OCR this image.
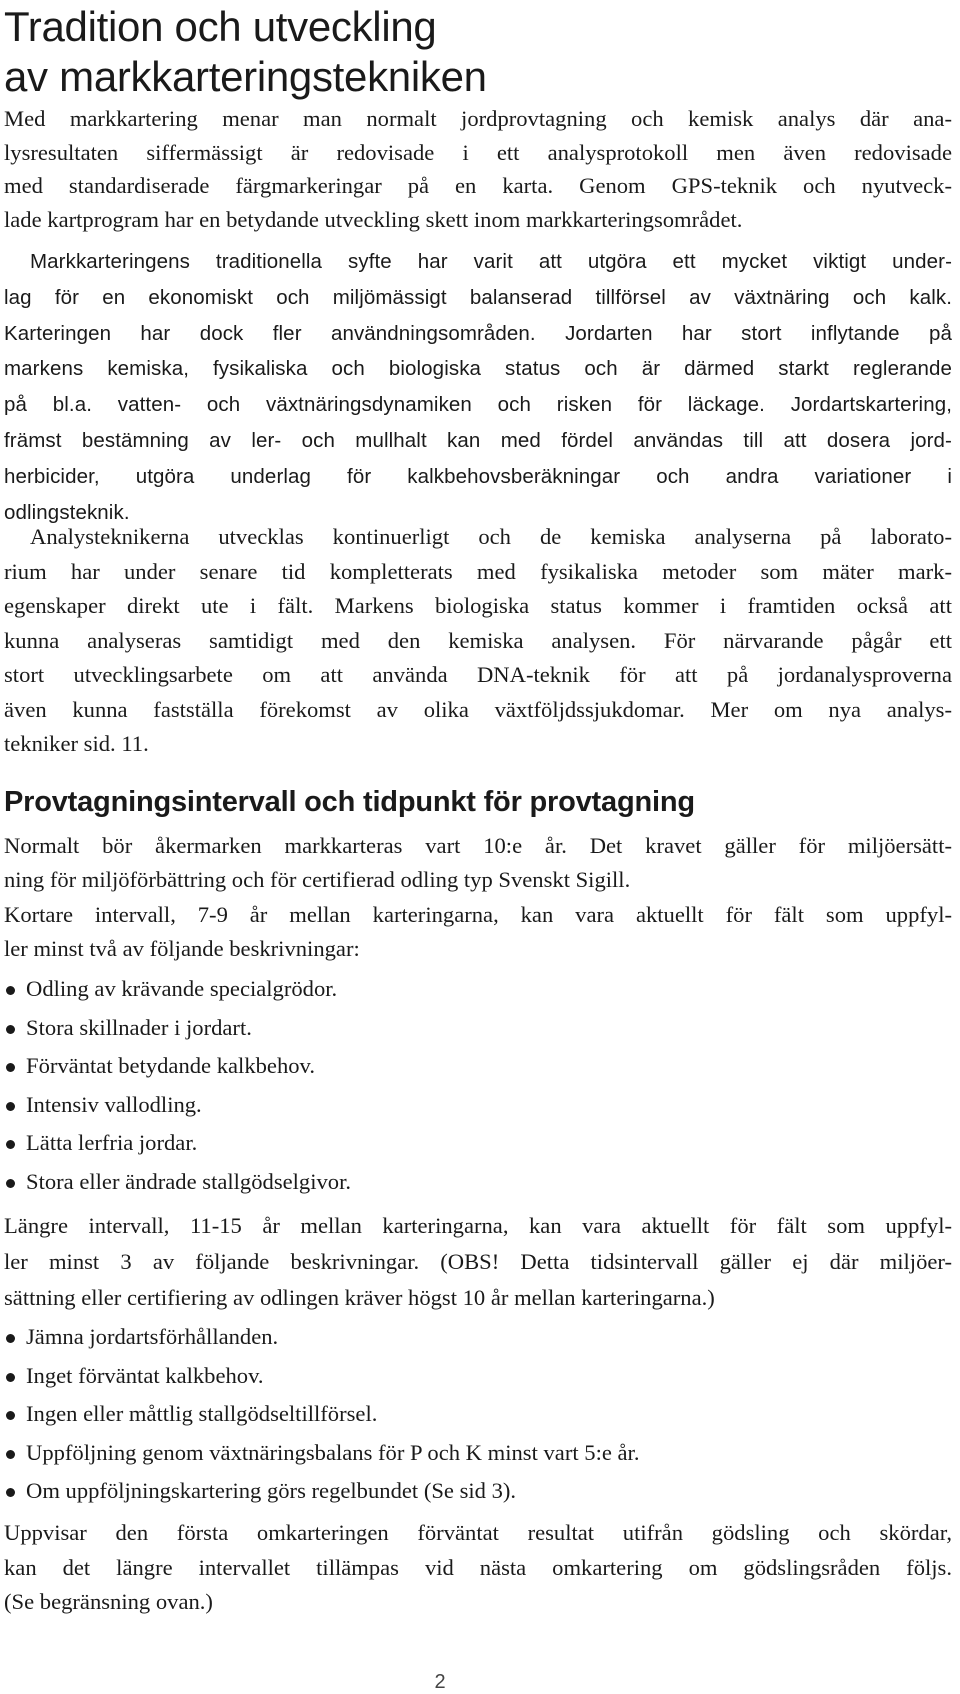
Tradition och utveckling
av markkarteringstekniken
Med markkartering menar man normalt jordprovtagning och kemisk analys där ana-
lysresultaten siffermässigt är redovisade i ett analysprotokoll men även redovisade
med standardiserade färgmarkeringar på en karta. Genom GPS-teknik och nyutveck-
lade kartprogram har en betydande utveckling skett inom markkarteringsområdet.
Markkarteringens traditionella syfte har varit att utgöra ett mycket viktigt under-
lag för en ekonomiskt och miljömässigt balanserad tillförsel av växtnäring och kalk.
Karteringen har dock fler användningsområden. Jordarten har stort inflytande på
markens kemiska, fysikaliska och biologiska status och är därmed starkt reglerande
på bl.a. vatten- och växtnäringsdynamiken och risken för läckage. Jordartskartering,
främst bestämning av ler- och mullhalt kan med fördel användas till att dosera jord-
herbicider, utgöra underlag för kalkbehovsberäkningar och andra variationer i
odlingsteknik.
Analysteknikerna utvecklas kontinuerligt och de kemiska analyserna på laborato-
rium har under senare tid kompletterats med fysikaliska metoder som mäter mark-
egenskaper direkt ute i fält. Markens biologiska status kommer i framtiden också att
kunna analyseras samtidigt med den kemiska analysen. För närvarande pågår ett
stort utvecklingsarbete om att använda DNA-teknik för att på jordanalysproverna
även kunna fastställa förekomst av olika växtföljdssjukdomar. Mer om nya analys-
tekniker sid. 11.
Provtagningsintervall och tidpunkt för provtagning
Normalt bör åkermarken markkarteras vart 10:e år. Det kravet gäller för miljöersätt-
ning för miljöförbättring och för certifierad odling typ Svenskt Sigill.
Kortare intervall, 7-9 år mellan karteringarna, kan vara aktuellt för fält som uppfyl-
ler minst två av följande beskrivningar:
Odling av krävande specialgrödor.
Stora skillnader i jordart.
Förväntat betydande kalkbehov.
Intensiv vallodling.
Lätta lerfria jordar.
Stora eller ändrade stallgödselgivor.
Längre intervall, 11-15 år mellan karteringarna, kan vara aktuellt för fält som uppfyl-
ler minst 3 av följande beskrivningar. (OBS! Detta tidsintervall gäller ej där miljöer-
sättning eller certifiering av odlingen kräver högst 10 år mellan karteringarna.)
Jämna jordartsförhållanden.
Inget förväntat kalkbehov.
Ingen eller måttlig stallgödseltillförsel.
Uppföljning genom växtnäringsbalans för P och K minst vart 5:e år.
Om uppföljningskartering görs regelbundet (Se sid 3).
Uppvisar den första omkarteringen förväntat resultat utifrån gödsling och skördar,
kan det längre intervallet tillämpas vid nästa omkartering om gödslingsråden följs.
(Se begränsning ovan.)
2
